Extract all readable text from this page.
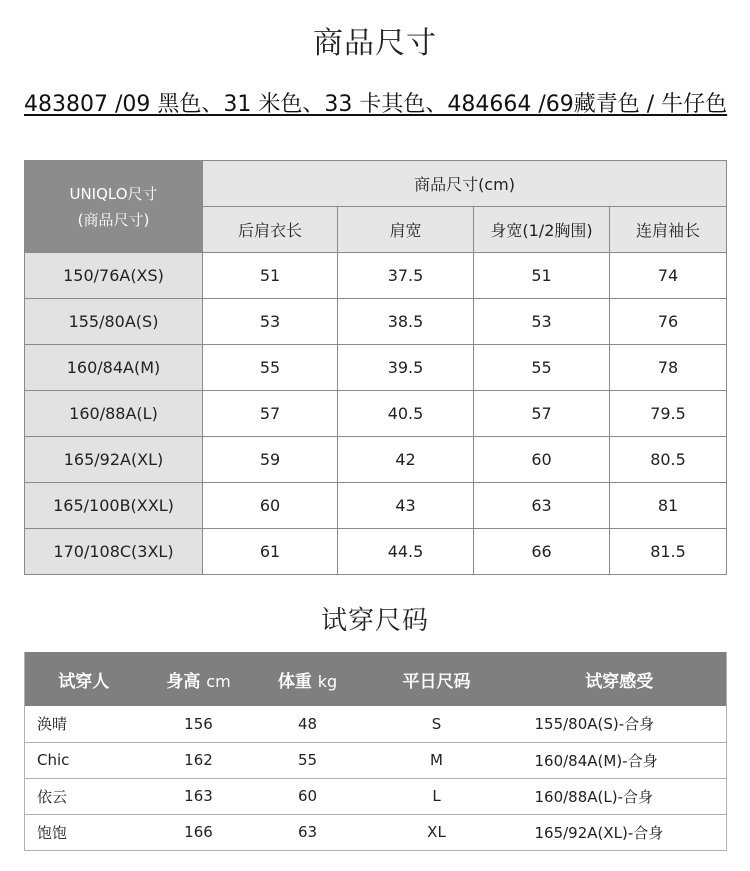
商品尺寸
483807 /09 黑色、31 米色、33 卡其色、484664 /69藏青色 / 牛仔色
UNIQLO尺寸
(商品尺寸)	商品尺寸(cm)			
	后肩衣长	肩宽	身宽(1/2胸围)	连肩袖长
150/76A(XS)	51	37.5	51	74
155/80A(S)	53	38.5	53	76
160/84A(M)	55	39.5	55	78
160/88A(L)	57	40.5	57	79.5
165/92A(XL)	59	42	60	80.5
165/100B(XXL)	60	43	63	81
170/108C(3XL)	61	44.5	66	81.5
试穿尺码
试穿人	身高 cm	体重 kg	平日尺码	试穿感受
涣晴	156	48	S	155/80A(S)-合身
Chic	162	55	M	160/84A(M)-合身
依云	163	60	L	160/88A(L)-合身
饱饱	166	63	XL	165/92A(XL)-合身
